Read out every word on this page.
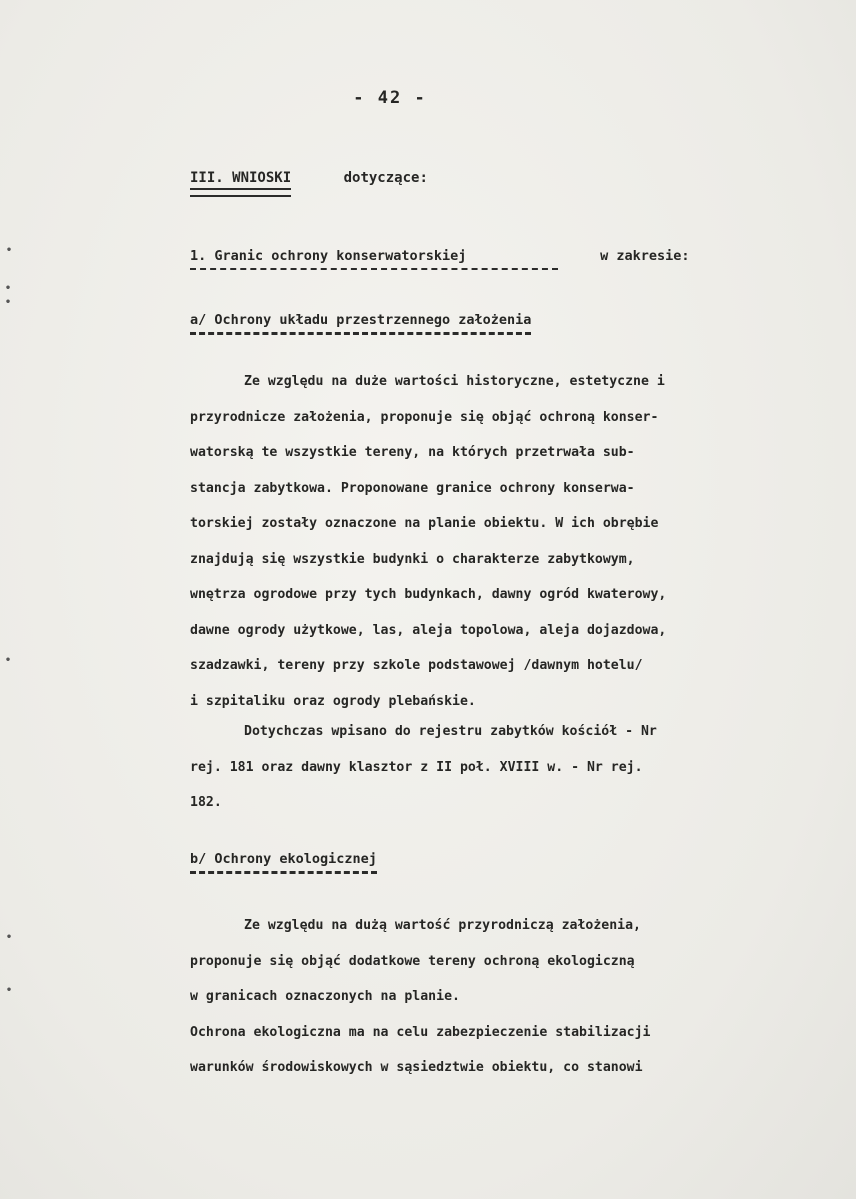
•
•
•
•
•
•
- 42 -
III. WNIOSKI	dotyczące:
1. Granic ochrony konserwatorskiej	w zakresie:
a/ Ochrony układu przestrzennego założenia
Ze względu na duże wartości historyczne, estetyczne i
przyrodnicze założenia, proponuje się objąć ochroną konser-
watorską te wszystkie tereny, na których przetrwała sub-
stancja zabytkowa. Proponowane granice ochrony konserwa-
torskiej zostały oznaczone na planie obiektu. W ich obrębie
znajdują się wszystkie budynki o charakterze zabytkowym,
wnętrza ogrodowe przy tych budynkach, dawny ogród kwaterowy,
dawne ogrody użytkowe, las, aleja topolowa, aleja dojazdowa,
szadzawki, tereny przy szkole podstawowej /dawnym hotelu/
i szpitaliku oraz ogrody plebańskie.
Dotychczas wpisano do rejestru zabytków kościół - Nr
rej. 181 oraz dawny klasztor z II poł. XVIII w. - Nr rej.
182.
b/ Ochrony ekologicznej
Ze względu na dużą wartość przyrodniczą założenia,
proponuje się objąć dodatkowe tereny ochroną ekologiczną
w granicach oznaczonych na planie.
Ochrona ekologiczna ma na celu zabezpieczenie stabilizacji
warunków środowiskowych w sąsiedztwie obiektu, co stanowi
